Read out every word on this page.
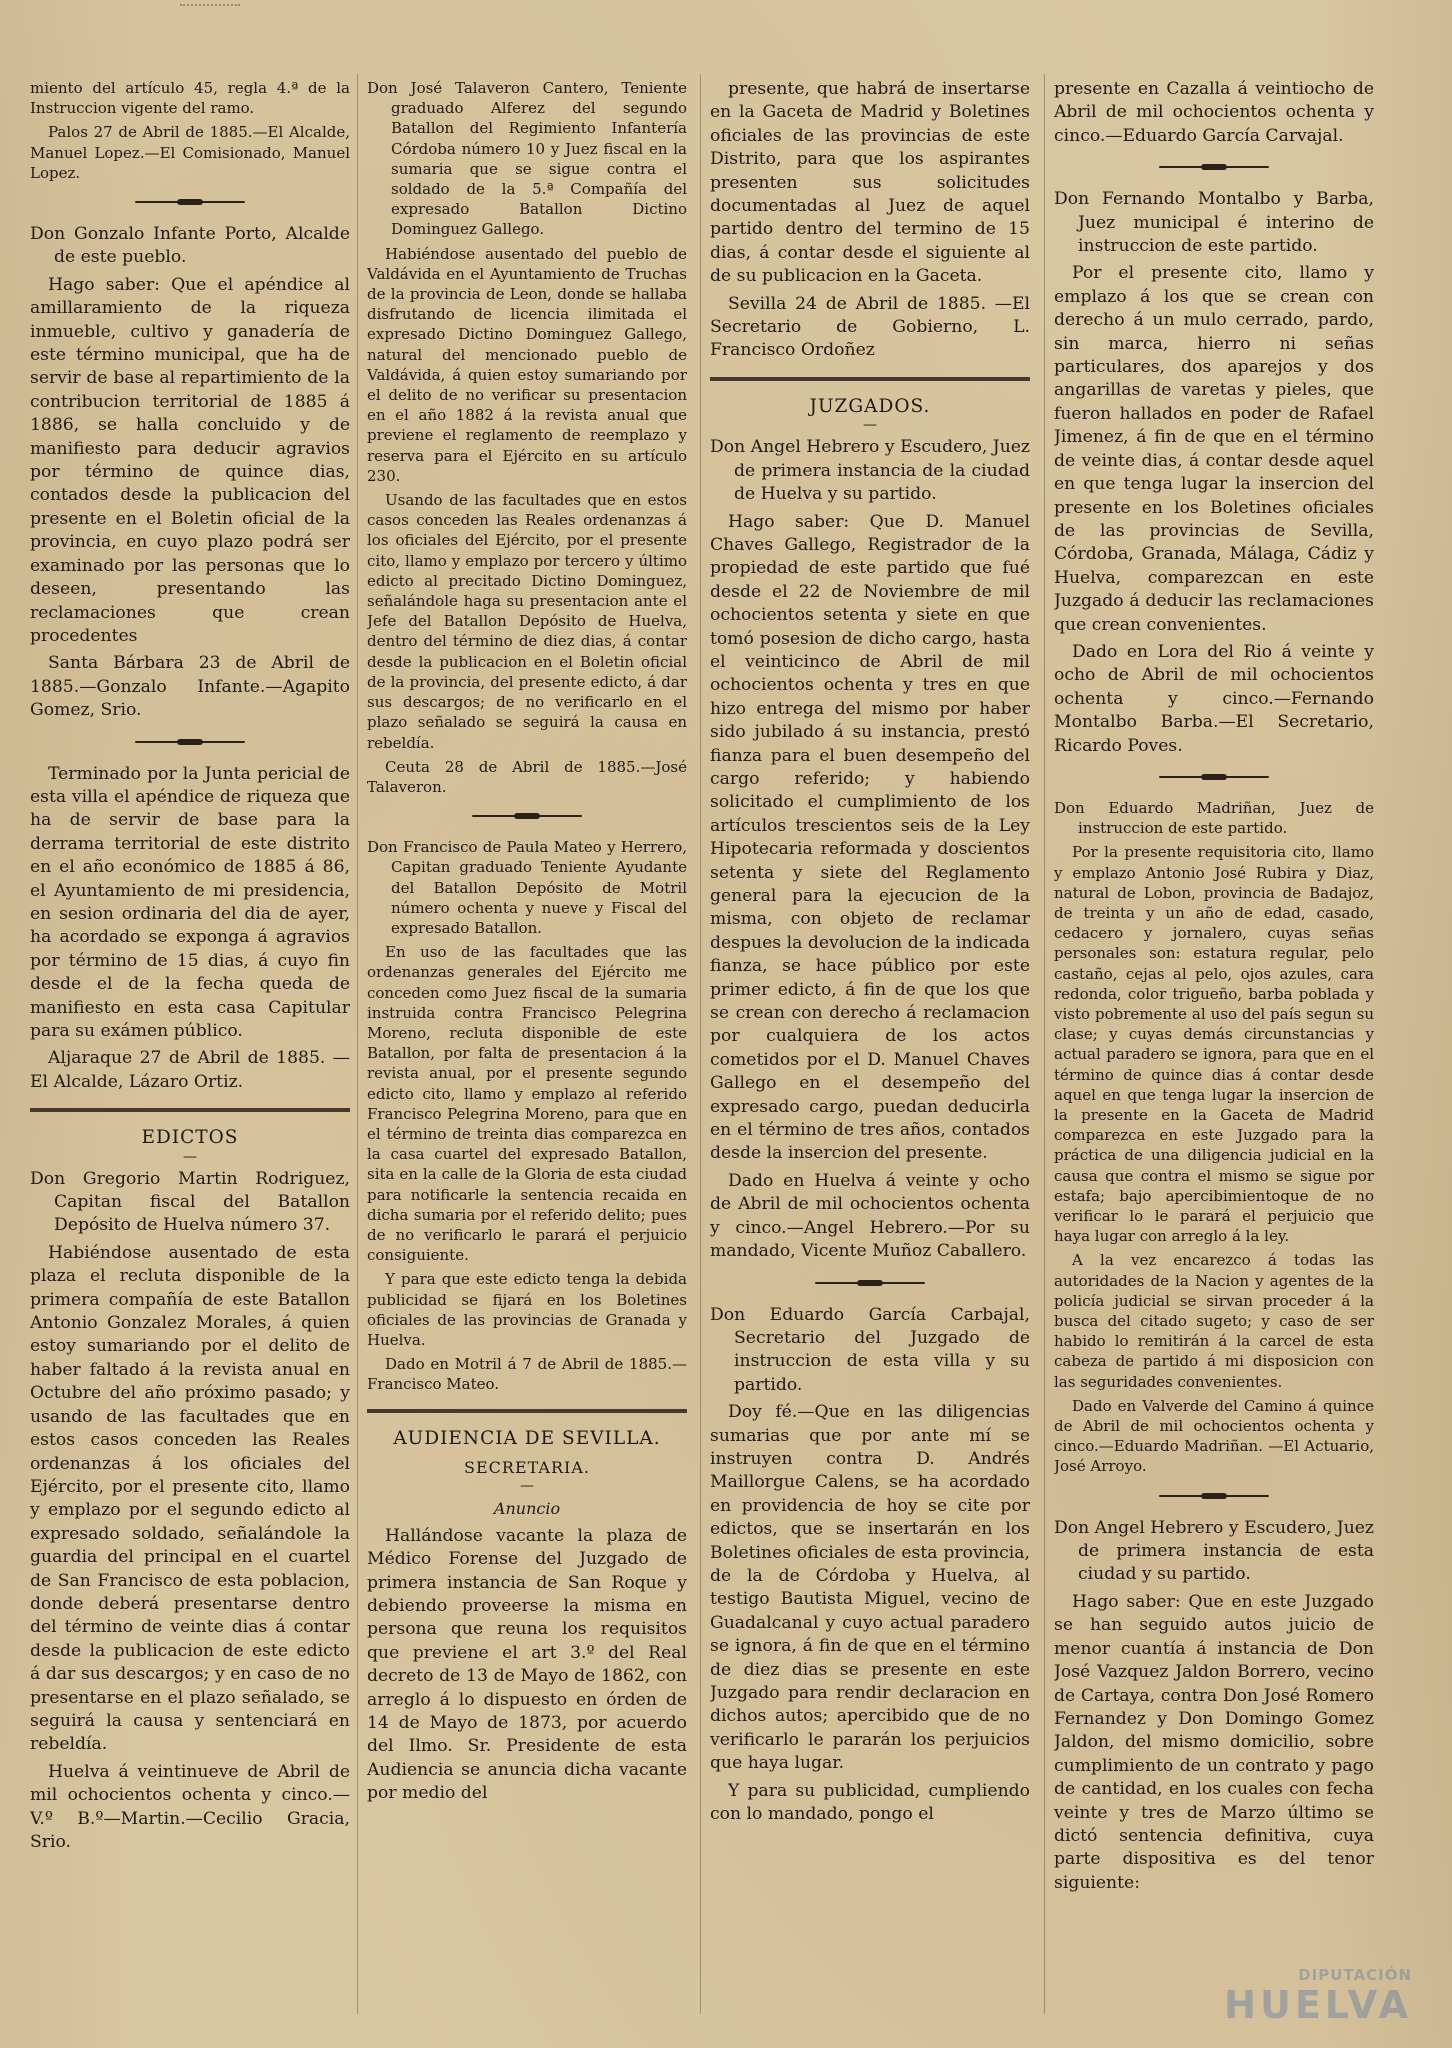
miento del artículo 45, regla 4.ª de la Instruccion vigente del ramo.

Palos 27 de Abril de 1885.—El Alcalde, Manuel Lopez.—El Comisionado, Manuel Lopez.

Don Gonzalo Infante Porto, Alcalde de este pueblo.

Hago saber: Que el apéndice al amillaramiento de la riqueza inmueble, cultivo y ganadería de este término municipal, que ha de servir de base al repartimiento de la contribucion territorial de 1885 á 1886, se halla concluido y de manifiesto para deducir agravios por término de quince dias, contados desde la publicacion del presente en el Boletin oficial de la provincia, en cuyo plazo podrá ser examinado por las personas que lo deseen, presentando las reclamaciones que crean procedentes

Santa Bárbara 23 de Abril de 1885.—Gonzalo Infante.—Agapito Gomez, Srio.

Terminado por la Junta pericial de esta villa el apéndice de riqueza que ha de servir de base para la derrama territorial de este distrito en el año económico de 1885 á 86, el Ayuntamiento de mi presidencia, en sesion ordinaria del dia de ayer, ha acordado se exponga á agravios por término de 15 dias, á cuyo fin desde el de la fecha queda de manifiesto en esta casa Capitular para su exámen público.

Aljaraque 27 de Abril de 1885. —El Alcalde, Lázaro Ortiz.

EDICTOS
—

Don Gregorio Martin Rodriguez, Capitan fiscal del Batallon Depósito de Huelva número 37.

Habiéndose ausentado de esta plaza el recluta disponible de la primera compañía de este Batallon Antonio Gonzalez Morales, á quien estoy sumariando por el delito de haber faltado á la revista anual en Octubre del año próximo pasado; y usando de las facultades que en estos casos conceden las Reales ordenanzas á los oficiales del Ejército, por el presente cito, llamo y emplazo por el segundo edicto al expresado soldado, señalándole la guardia del principal en el cuartel de San Francisco de esta poblacion, donde deberá presentarse dentro del término de veinte dias á contar desde la publicacion de este edicto á dar sus descargos; y en caso de no presentarse en el plazo señalado, se seguirá la causa y sentenciará en rebeldía.

Huelva á veintinueve de Abril de mil ochocientos ochenta y cinco.—V.º B.º—Martin.—Cecilio Gracia, Srio.

Don José Talaveron Cantero, Teniente graduado Alferez del segundo Batallon del Regimiento Infantería Córdoba número 10 y Juez fiscal en la sumaria que se sigue contra el soldado de la 5.ª Compañía del expresado Batallon Dictino Dominguez Gallego.

Habiéndose ausentado del pueblo de Valdávida en el Ayuntamiento de Truchas de la provincia de Leon, donde se hallaba disfrutando de licencia ilimitada el expresado Dictino Dominguez Gallego, natural del mencionado pueblo de Valdávida, á quien estoy sumariando por el delito de no verificar su presentacion en el año 1882 á la revista anual que previene el reglamento de reemplazo y reserva para el Ejército en su artículo 230.

Usando de las facultades que en estos casos conceden las Reales ordenanzas á los oficiales del Ejército, por el presente cito, llamo y emplazo por tercero y último edicto al precitado Dictino Dominguez, señalándole haga su presentacion ante el Jefe del Batallon Depósito de Huelva, dentro del término de diez dias, á contar desde la publicacion en el Boletin oficial de la provincia, del presente edicto, á dar sus descargos; de no verificarlo en el plazo señalado se seguirá la causa en rebeldía.

Ceuta 28 de Abril de 1885.—José Talaveron.

Don Francisco de Paula Mateo y Herrero, Capitan graduado Teniente Ayudante del Batallon Depósito de Motril número ochenta y nueve y Fiscal del expresado Batallon.

En uso de las facultades que las ordenanzas generales del Ejército me conceden como Juez fiscal de la sumaria instruida contra Francisco Pelegrina Moreno, recluta disponible de este Batallon, por falta de presentacion á la revista anual, por el presente segundo edicto cito, llamo y emplazo al referido Francisco Pelegrina Moreno, para que en el término de treinta dias comparezca en la casa cuartel del expresado Batallon, sita en la calle de la Gloria de esta ciudad para notificarle la sentencia recaida en dicha sumaria por el referido delito; pues de no verificarlo le parará el perjuicio consiguiente.

Y para que este edicto tenga la debida publicidad se fijará en los Boletines oficiales de las provincias de Granada y Huelva.

Dado en Motril á 7 de Abril de 1885.—Francisco Mateo.

AUDIENCIA DE SEVILLA.
SECRETARIA.
—
Anuncio

Hallándose vacante la plaza de Médico Forense del Juzgado de primera instancia de San Roque y debiendo proveerse la misma en persona que reuna los requisitos que previene el art 3.º del Real decreto de 13 de Mayo de 1862, con arreglo á lo dispuesto en órden de 14 de Mayo de 1873, por acuerdo del Ilmo. Sr. Presidente de esta Audiencia se anuncia dicha vacante por medio del

presente, que habrá de insertarse en la Gaceta de Madrid y Boletines oficiales de las provincias de este Distrito, para que los aspirantes presenten sus solicitudes documentadas al Juez de aquel partido dentro del termino de 15 dias, á contar desde el siguiente al de su publicacion en la Gaceta.

Sevilla 24 de Abril de 1885. —El Secretario de Gobierno, L. Francisco Ordoñez

JUZGADOS.
—

Don Angel Hebrero y Escudero, Juez de primera instancia de la ciudad de Huelva y su partido.

Hago saber: Que D. Manuel Chaves Gallego, Registrador de la propiedad de este partido que fué desde el 22 de Noviembre de mil ochocientos setenta y siete en que tomó posesion de dicho cargo, hasta el veinticinco de Abril de mil ochocientos ochenta y tres en que hizo entrega del mismo por haber sido jubilado á su instancia, prestó fianza para el buen desempeño del cargo referido; y habiendo solicitado el cumplimiento de los artículos trescientos seis de la Ley Hipotecaria reformada y doscientos setenta y siete del Reglamento general para la ejecucion de la misma, con objeto de reclamar despues la devolucion de la indicada fianza, se hace público por este primer edicto, á fin de que los que se crean con derecho á reclamacion por cualquiera de los actos cometidos por el D. Manuel Chaves Gallego en el desempeño del expresado cargo, puedan deducirla en el término de tres años, contados desde la insercion del presente.

Dado en Huelva á veinte y ocho de Abril de mil ochocientos ochenta y cinco.—Angel Hebrero.—Por su mandado, Vicente Muñoz Caballero.

Don Eduardo García Carbajal, Secretario del Juzgado de instruccion de esta villa y su partido.

Doy fé.—Que en las diligencias sumarias que por ante mí se instruyen contra D. Andrés Maillorgue Calens, se ha acordado en providencia de hoy se cite por edictos, que se insertarán en los Boletines oficiales de esta provincia, de la de Córdoba y Huelva, al testigo Bautista Miguel, vecino de Guadalcanal y cuyo actual paradero se ignora, á fin de que en el término de diez dias se presente en este Juzgado para rendir declaracion en dichos autos; apercibido que de no verificarlo le pararán los perjuicios que haya lugar.

Y para su publicidad, cumpliendo con lo mandado, pongo el

presente en Cazalla á veintiocho de Abril de mil ochocientos ochenta y cinco.—Eduardo García Carvajal.

Don Fernando Montalbo y Barba, Juez municipal é interino de instruccion de este partido.

Por el presente cito, llamo y emplazo á los que se crean con derecho á un mulo cerrado, pardo, sin marca, hierro ni señas particulares, dos aparejos y dos angarillas de varetas y pieles, que fueron hallados en poder de Rafael Jimenez, á fin de que en el término de veinte dias, á contar desde aquel en que tenga lugar la insercion del presente en los Boletines oficiales de las provincias de Sevilla, Córdoba, Granada, Málaga, Cádiz y Huelva, comparezcan en este Juzgado á deducir las reclamaciones que crean convenientes.

Dado en Lora del Rio á veinte y ocho de Abril de mil ochocientos ochenta y cinco.—Fernando Montalbo Barba.—El Secretario, Ricardo Poves.

Don Eduardo Madriñan, Juez de instruccion de este partido.

Por la presente requisitoria cito, llamo y emplazo Antonio José Rubira y Diaz, natural de Lobon, provincia de Badajoz, de treinta y un año de edad, casado, cedacero y jornalero, cuyas señas personales son: estatura regular, pelo castaño, cejas al pelo, ojos azules, cara redonda, color trigueño, barba poblada y visto pobremente al uso del país segun su clase; y cuyas demás circunstancias y actual paradero se ignora, para que en el término de quince dias á contar desde aquel en que tenga lugar la insercion de la presente en la Gaceta de Madrid comparezca en este Juzgado para la práctica de una diligencia judicial en la causa que contra el mismo se sigue por estafa; bajo apercibimientoque de no verificar lo le parará el perjuicio que haya lugar con arreglo á la ley.

A la vez encarezco á todas las autoridades de la Nacion y agentes de la policía judicial se sirvan proceder á la busca del citado sugeto; y caso de ser habido lo remitirán á la carcel de esta cabeza de partido á mi disposicion con las seguridades convenientes.

Dado en Valverde del Camino á quince de Abril de mil ochocientos ochenta y cinco.—Eduardo Madriñan. —El Actuario, José Arroyo.

Don Angel Hebrero y Escudero, Juez de primera instancia de esta ciudad y su partido.

Hago saber: Que en este Juzgado se han seguido autos juicio de menor cuantía á instancia de Don José Vazquez Jaldon Borrero, vecino de Cartaya, contra Don José Romero Fernandez y Don Domingo Gomez Jaldon, del mismo domicilio, sobre cumplimiento de un contrato y pago de cantidad, en los cuales con fecha veinte y tres de Marzo último se dictó sentencia definitiva, cuya parte dispositiva es del tenor siguiente:

DIPUTACIÓN
HUELVA
